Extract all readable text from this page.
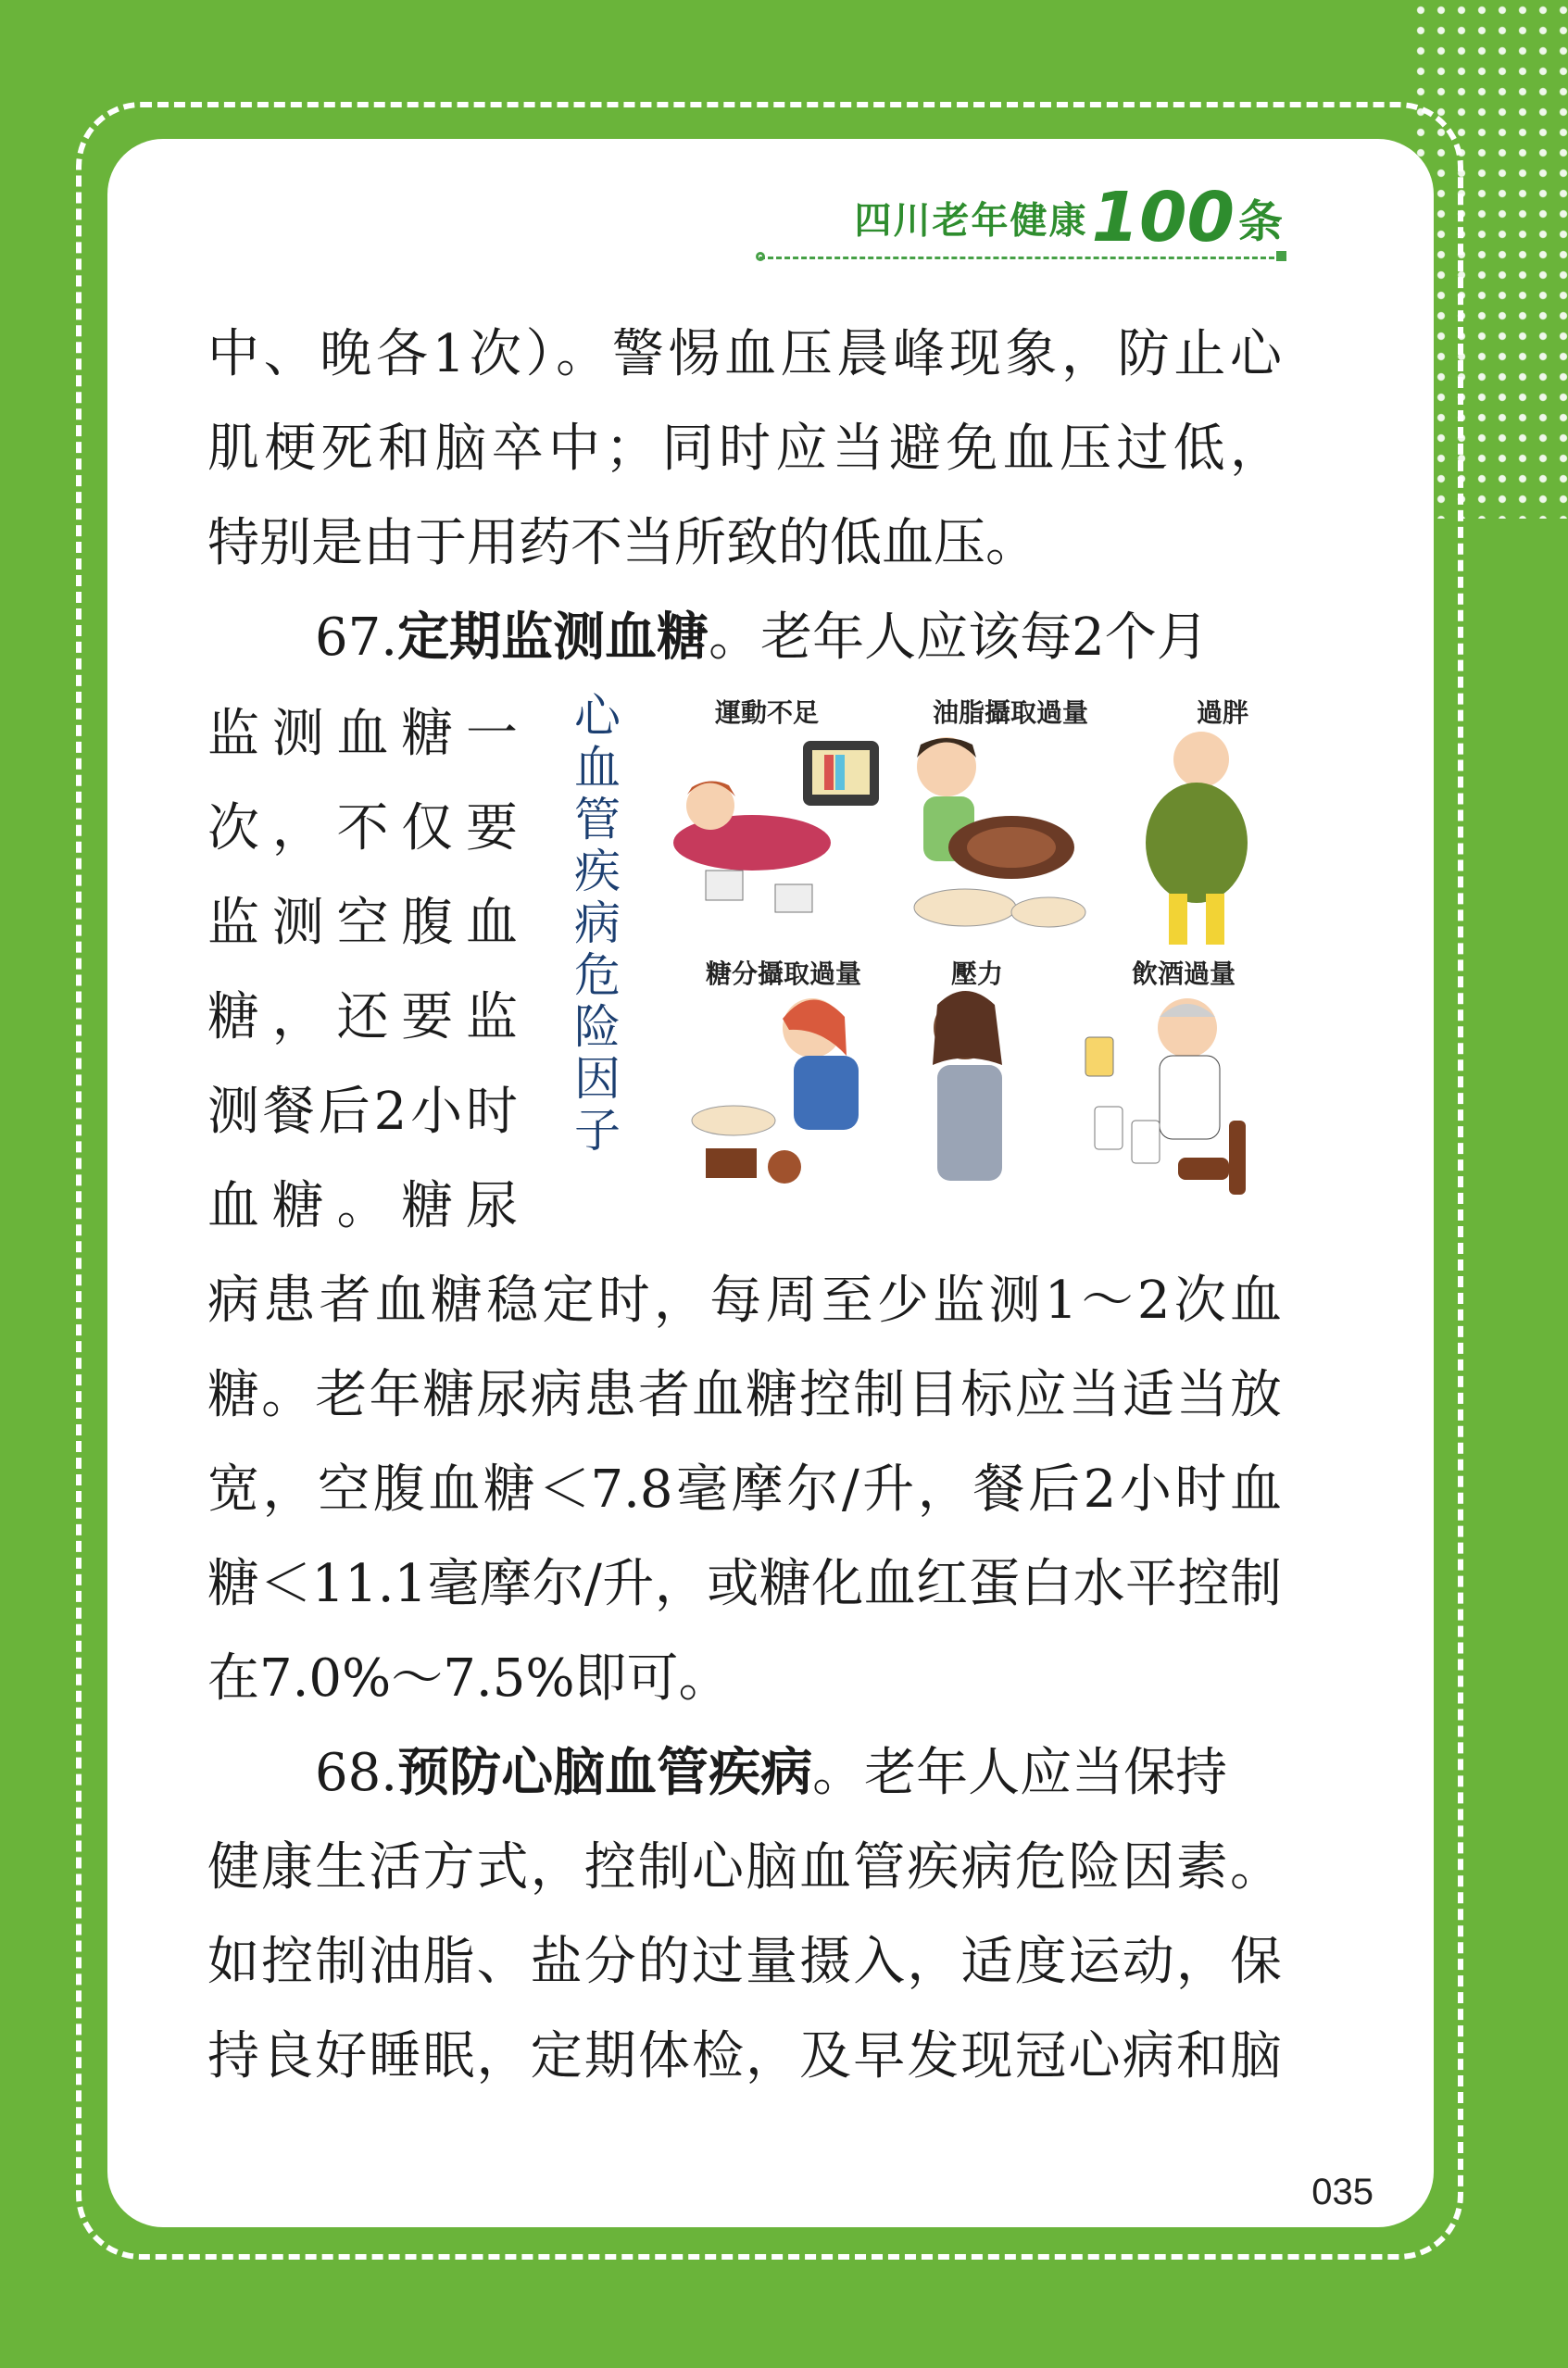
四川老年健康100条
中、晚各1次）。警惕血压晨峰现象，防止心
肌梗死和脑卒中；同时应当避免血压过低，
特别是由于用药不当所致的低血压。
67.定期监测血糖。老年人应该每2个月
监测血糖一
次，不仅要
监测空腹血
糖，还要监
测餐后2小时
血糖。糖尿
病患者血糖稳定时，每周至少监测1～2次血
糖。老年糖尿病患者血糖控制目标应当适当放
宽，空腹血糖＜7.8毫摩尔/升，餐后2小时血
糖＜11.1毫摩尔/升，或糖化血红蛋白水平控制
在7.0%～7.5%即可。
68.预防心脑血管疾病。老年人应当保持
健康生活方式，控制心脑血管疾病危险因素。
如控制油脂、盐分的过量摄入，适度运动，保
持良好睡眠，定期体检，及早发现冠心病和脑
心血管疾病危险因子
運動不足	油脂攝取過量	過胖
糖分攝取過量	壓力	飲酒過量
035
